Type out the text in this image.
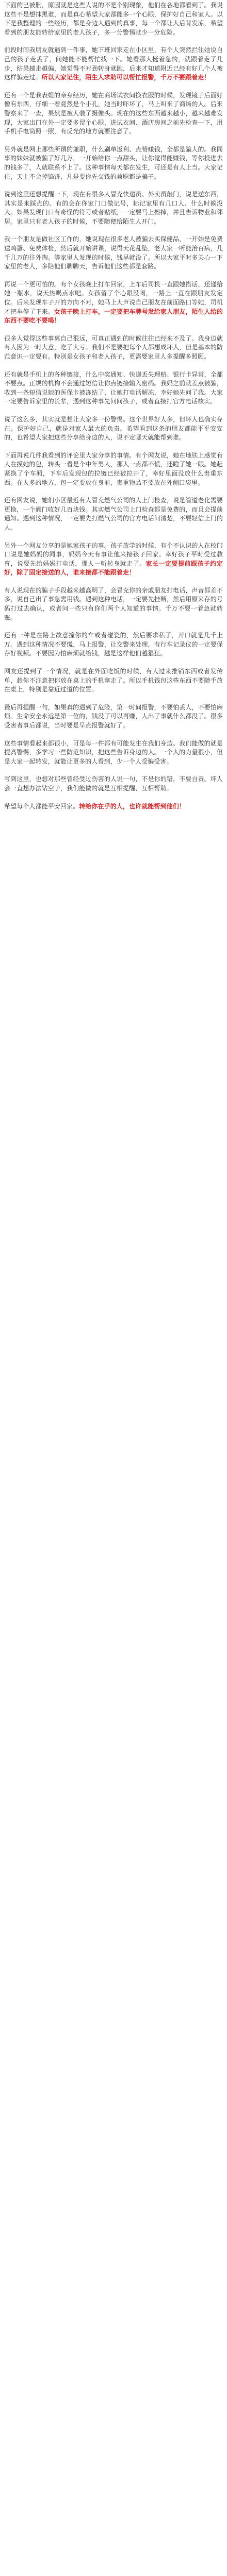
下面的已被删，原因就是这些人说的不是个别现象，他们在各地都看到了。我说这些不是想抹黑谁，而是真心希望大家都能多一个心眼，保护好自己和家人。以下是我整理的一些经历，都是身边人遇到的真事，每一个都让人后背发凉，希望看到的朋友能转给家里的老人孩子，多一分警惕就少一分危险。

前段时间我朋友就遇到一件事，她下班回家走在小区里，有个人突然拦住她说自己的孩子走丢了，问她能不能帮忙找一下。她看那人挺着急的，就跟着走了几步，结果越走越偏，她觉得不对劲转身就跑，后来才知道附近已经有好几个人被这样骗走过。所以大家记住，陌生人求助可以帮忙报警，千万不要跟着走！

还有一个是我表姐的亲身经历，她在商场试衣间换衣服的时候，发现镜子后面好像有东西，仔细一看竟然是个小孔，她当时吓坏了，马上叫来了商场的人。后来警察来了一查，果然是被人装了摄像头。现在的这些东西越来越小，越来越难发现，大家出门在外一定要多留个心眼，进试衣间、酒店房间之前先检查一下，用手机手电筒照一照，有反光的地方就要注意了。

另外就是网上那些所谓的兼职，什么刷单返利、点赞赚钱，全都是骗人的。我同事的妹妹就被骗了好几万，一开始给你一点甜头，让你觉得能赚钱，等你投进去的钱多了，人就联系不上了。这种事情每天都在发生，可还是有人上当。大家记住，天上不会掉馅饼，凡是要你先交钱的兼职都是骗子。

说到这里还想提醒一下，现在有很多人冒充快递员、外卖员敲门，说是送东西，其实是来踩点的。有的会在你家门口做记号，标记家里有几口人、什么时候没人。如果发现门口有奇怪的符号或者贴纸，一定要马上擦掉，并且告诉物业和邻居。家里只有老人孩子的时候，不要随便给陌生人开门。

我一个朋友是做社区工作的，她说现在很多老人被骗去买保健品，一开始是免费送鸡蛋、免费体检，然后就开始讲课，说得天花乱坠，老人家一听能治百病，几千几万的往外掏。等家里人发现的时候，钱早就没了。所以大家平时多关心一下家里的老人，多陪他们聊聊天，告诉他们这些都是套路。

再说一个更可怕的。有个女孩晚上打车回家，上车后司机一直跟她搭话，还递给她一瓶水，说天热喝点水吧。女孩留了个心眼没喝，一路上一直在跟朋友发定位。后来发现车子开的方向不对，她马上大声说自己朋友在前面路口等她，司机才把车停了下来。女孩子晚上打车，一定要把车牌号发给家人朋友，陌生人给的东西不要吃不要喝！

很多人觉得这些事离自己很远，可真正遇到的时候往往已经来不及了。我身边就有人因为一时大意，吃了大亏。我们不是要把每个人都想成坏人，但是基本的防范意识一定要有。特别是女孩子和老人孩子，更需要家里人多提醒多照顾。

还有就是手机上的各种链接，什么中奖通知、快递丢失理赔、银行卡异常，全都不要点。正规的机构不会通过短信让你点链接输入密码。我妈之前就差点被骗，收到一条短信说她的医保卡被冻结了，让她打电话解冻，幸好她先问了我。大家一定要告诉家里的长辈，遇到这种事先问问孩子，或者直接打官方电话核实。

说了这么多，其实就是想让大家多一份警惕。这个世界好人多，但坏人也确实存在。保护好自己，就是对家人最大的负责。希望看到这条的朋友都能平平安安的，也希望大家把这些分享给身边的人，说不定哪天就能帮到谁。

下面再说几件我看到的评论里大家分享的事情。有个网友说，她在地铁上感觉有人在摸她的包，转头一看是个中年男人，那人一点都不慌，还瞪了她一眼。她赶紧换了个车厢，下车后发现包的拉链已经被拉开了，幸好里面没放什么贵重东西。在人多的地方，包一定要放在身前，贵重物品不要放在外侧口袋里。

还有网友说，她们小区最近有人冒充燃气公司的人上门检查，说是管道老化需要更换，一个阀门收好几百块钱。其实燃气公司上门检查都是免费的，而且会提前通知。遇到这种情况，一定要先打燃气公司的官方电话问清楚，不要轻信上门的人。

另外一个网友分享的是她家孩子的事。孩子放学的时候，有个不认识的人在校门口说是她妈妈的同事，妈妈今天有事让他来接孩子回家。幸好孩子平时受过教育，说要先给妈妈打电话，那人一听转身就走了。家长一定要提前跟孩子约定好，除了固定接送的人，谁来接都不能跟着走！

有人说现在的骗子手段越来越高明了，会冒充你的亲戚朋友打电话，声音都差不多，说自己出了事急需用钱。遇到这种电话，一定要先挂断，然后用原来存的号码打过去确认，或者问一些只有你们两个人知道的事情。千万不要一着急就转账。

还有一种是在路上故意撞你的车或者碰瓷的，然后要求私了，开口就是几千上万。遇到这种情况不要慌，马上报警，让交警来处理，有行车记录仪的一定要保存好视频。不要因为怕麻烦就给钱，越是这样他们越猖狂。

网友还提到了一个情况，就是在外面吃饭的时候，有人过来推销东西或者发传单，趁你不注意把你放在桌上的手机拿走了。所以手机钱包这些东西不要随手放在桌上，特别是靠近过道的位置。

最后再提醒一句，如果真的遇到了危险，第一时间报警，不要怕丢人，不要怕麻烦。生命安全永远是第一位的，钱没了可以再赚，人出了事就什么都没了。很多受害者事后都说，当时要是早点报警就好了。

这些事情看起来都很小，可是每一件都有可能发生在我们身边。我们能做的就是提高警惕，多学习一些防范知识，把这些告诉身边的人。一个人的力量很小，但是大家一起转发，就能让更多的人看到，少一个人受骗受害。

写到这里，也想对那些曾经受过伤害的人说一句，不是你的错，不要自责。坏人会一直想办法钻空子，我们能做的就是互相提醒、互相帮助。

希望每个人都能平安回家。转给你在乎的人，也许就能帮到他们！
